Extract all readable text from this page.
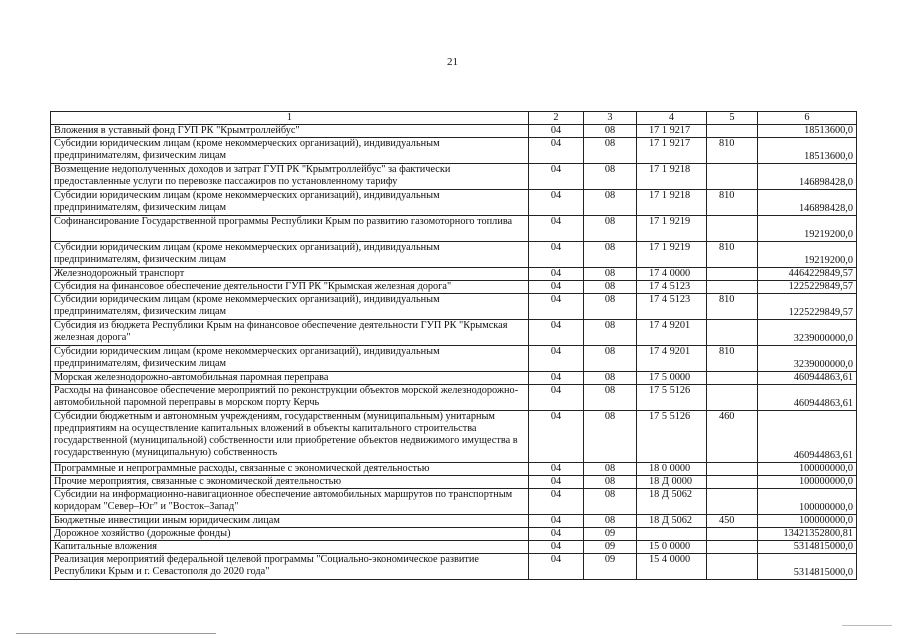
21
1	2	3	4	5	6
Вложения в уставный фонд ГУП РК "Крымтроллейбус"	04	08	17 1 9217		18513600,0
Субсидии юридическим лицам (кроме некоммерческих организаций), индивидуальным предпринимателям, физическим лицам	04	08	17 1 9217	810	18513600,0
Возмещение недополученных доходов и затрат ГУП РК "Крымтроллейбус" за фактически предоставленные услуги по перевозке пассажиров по установленному тарифу	04	08	17 1 9218		146898428,0
Субсидии юридическим лицам (кроме некоммерческих организаций), индивидуальным предпринимателям, физическим лицам	04	08	17 1 9218	810	146898428,0
Софинансирование Государственной программы Республики Крым по развитию газомоторного топлива	04	08	17 1 9219		19219200,0
Субсидии юридическим лицам (кроме некоммерческих организаций), индивидуальным предпринимателям, физическим лицам	04	08	17 1 9219	810	19219200,0
Железнодорожный транспорт	04	08	17 4 0000		4464229849,57
Субсидия на финансовое обеспечение деятельности ГУП РК "Крымская железная дорога"	04	08	17 4 5123		1225229849,57
Субсидии юридическим лицам (кроме некоммерческих организаций), индивидуальным предпринимателям, физическим лицам	04	08	17 4 5123	810	1225229849,57
Субсидия из бюджета Республики Крым на финансовое обеспечение деятельности ГУП РК "Крымская железная дорога"	04	08	17 4 9201		3239000000,0
Субсидии юридическим лицам (кроме некоммерческих организаций), индивидуальным предпринимателям, физическим лицам	04	08	17 4 9201	810	3239000000,0
Морская железнодорожно-автомобильная паромная переправа	04	08	17 5 0000		460944863,61
Расходы на финансовое обеспечение мероприятий по реконструкции объектов морской железнодорожно-автомобильной паромной переправы в морском порту Керчь	04	08	17 5 5126		460944863,61
Субсидии бюджетным и автономным учреждениям, государственным (муниципальным) унитарным предприятиям на осуществление капитальных вложений в объекты капитального строительства государственной (муниципальной) собственности или приобретение объектов недвижимого имущества в государственную (муниципальную) собственность	04	08	17 5 5126	460	460944863,61
Программные и непрограммные расходы, связанные с экономической деятельностью	04	08	18 0 0000		100000000,0
Прочие мероприятия, связанные с экономической деятельностью	04	08	18 Д 0000		100000000,0
Субсидии на информационно-навигационное обеспечение автомобильных маршрутов по транспортным коридорам "Север–Юг" и "Восток–Запад"	04	08	18 Д 5062		100000000,0
Бюджетные инвестиции иным юридическим лицам	04	08	18 Д 5062	450	100000000,0
Дорожное хозяйство (дорожные фонды)	04	09			13421352800,81
Капитальные вложения	04	09	15 0 0000		5314815000,0
Реализация мероприятий федеральной целевой программы "Социально-экономическое развитие Республики Крым и г. Севастополя до 2020 года"	04	09	15 4 0000		5314815000,0
